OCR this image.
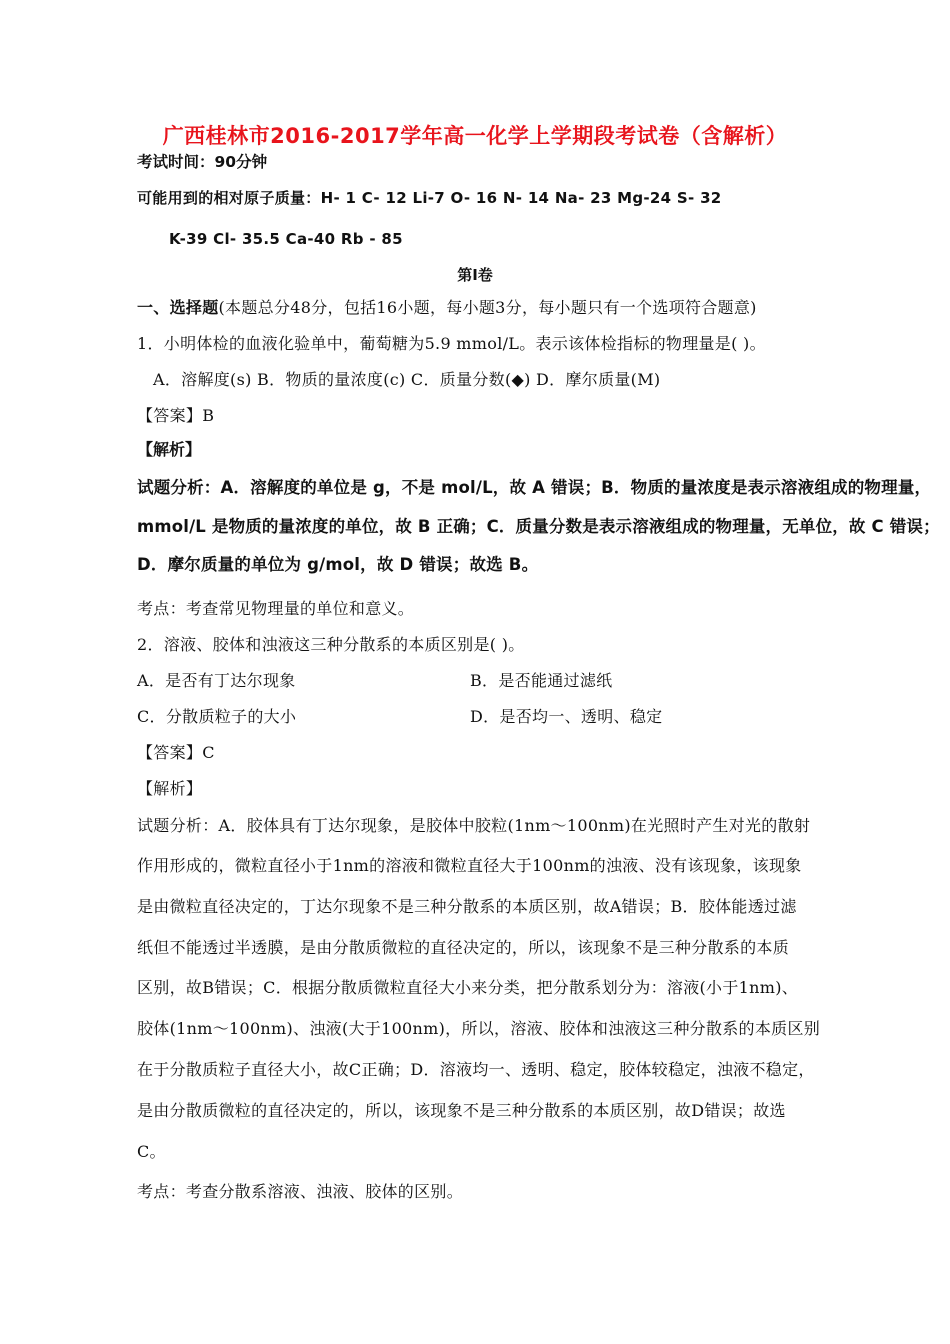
广西桂林市2016-2017学年高一化学上学期段考试卷（含解析）
考试时间：90分钟
可能用到的相对原子质量：H- 1 C- 12 Li-7 O- 16 N- 14 Na- 23 Mg-24 S- 32
K-39 Cl- 35.5 Ca-40 Rb - 85
第Ⅰ卷
一、选择题(本题总分48分，包括16小题，每小题3分，每小题只有一个选项符合题意)
1．小明体检的血液化验单中，葡萄糖为5.9 mmol/L。表示该体检指标的物理量是( )。
A．溶解度(s) B．物质的量浓度(c) C．质量分数(◆) D．摩尔质量(M)
【答案】B
【解析】
试题分析：A．溶解度的单位是 g，不是 mol/L，故 A 错误；B．物质的量浓度是表示溶液组成的物理量，
mmol/L 是物质的量浓度的单位，故 B 正确；C．质量分数是表示溶液组成的物理量，无单位，故 C 错误；
D．摩尔质量的单位为 g/mol，故 D 错误；故选 B。
考点：考查常见物理量的单位和意义。
2．溶液、胶体和浊液这三种分散系的本质区别是( )。
A．是否有丁达尔现象	B．是否能通过滤纸
C．分散质粒子的大小	D．是否均一、透明、稳定
【答案】C
【解析】
试题分析：A．胶体具有丁达尔现象，是胶体中胶粒(1nm～100nm)在光照时产生对光的散射
作用形成的，微粒直径小于1nm的溶液和微粒直径大于100nm的浊液、没有该现象，该现象
是由微粒直径决定的，丁达尔现象不是三种分散系的本质区别，故A错误；B．胶体能透过滤
纸但不能透过半透膜，是由分散质微粒的直径决定的，所以，该现象不是三种分散系的本质
区别，故B错误；C．根据分散质微粒直径大小来分类，把分散系划分为：溶液(小于1nm)、
胶体(1nm～100nm)、浊液(大于100nm)，所以，溶液、胶体和浊液这三种分散系的本质区别
在于分散质粒子直径大小，故C正确；D．溶液均一、透明、稳定，胶体较稳定，浊液不稳定，
是由分散质微粒的直径决定的，所以，该现象不是三种分散系的本质区别，故D错误；故选
C。
考点：考查分散系溶液、浊液、胶体的区别。
